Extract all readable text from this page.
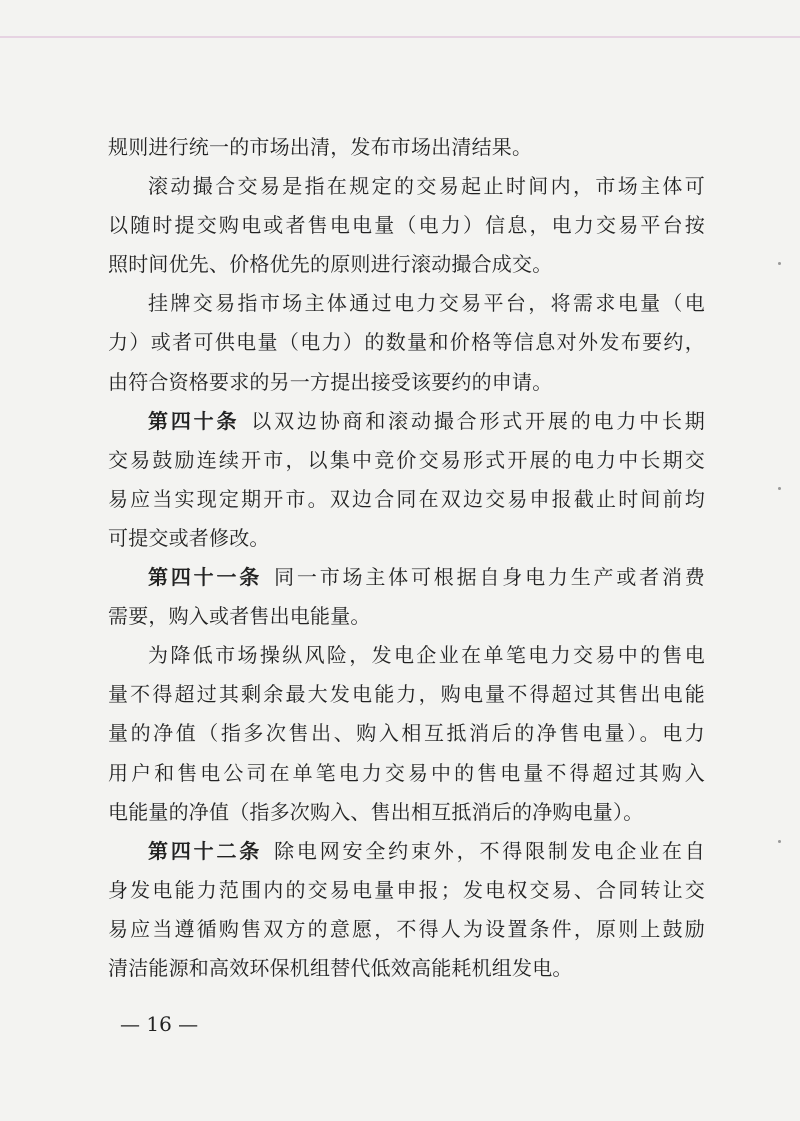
规则进行统一的市场出清，发布市场出清结果。
滚动撮合交易是指在规定的交易起止时间内，市场主体可
以随时提交购电或者售电电量（电力）信息，电力交易平台按
照时间优先、价格优先的原则进行滚动撮合成交。
挂牌交易指市场主体通过电力交易平台，将需求电量（电
力）或者可供电量（电力）的数量和价格等信息对外发布要约，
由符合资格要求的另一方提出接受该要约的申请。
第四十条 以双边协商和滚动撮合形式开展的电力中长期
交易鼓励连续开市，以集中竞价交易形式开展的电力中长期交
易应当实现定期开市。双边合同在双边交易申报截止时间前均
可提交或者修改。
第四十一条 同一市场主体可根据自身电力生产或者消费
需要，购入或者售出电能量。
为降低市场操纵风险，发电企业在单笔电力交易中的售电
量不得超过其剩余最大发电能力，购电量不得超过其售出电能
量的净值（指多次售出、购入相互抵消后的净售电量）。电力
用户和售电公司在单笔电力交易中的售电量不得超过其购入
电能量的净值（指多次购入、售出相互抵消后的净购电量）。
第四十二条 除电网安全约束外，不得限制发电企业在自
身发电能力范围内的交易电量申报；发电权交易、合同转让交
易应当遵循购售双方的意愿，不得人为设置条件，原则上鼓励
清洁能源和高效环保机组替代低效高能耗机组发电。
— 16 —
